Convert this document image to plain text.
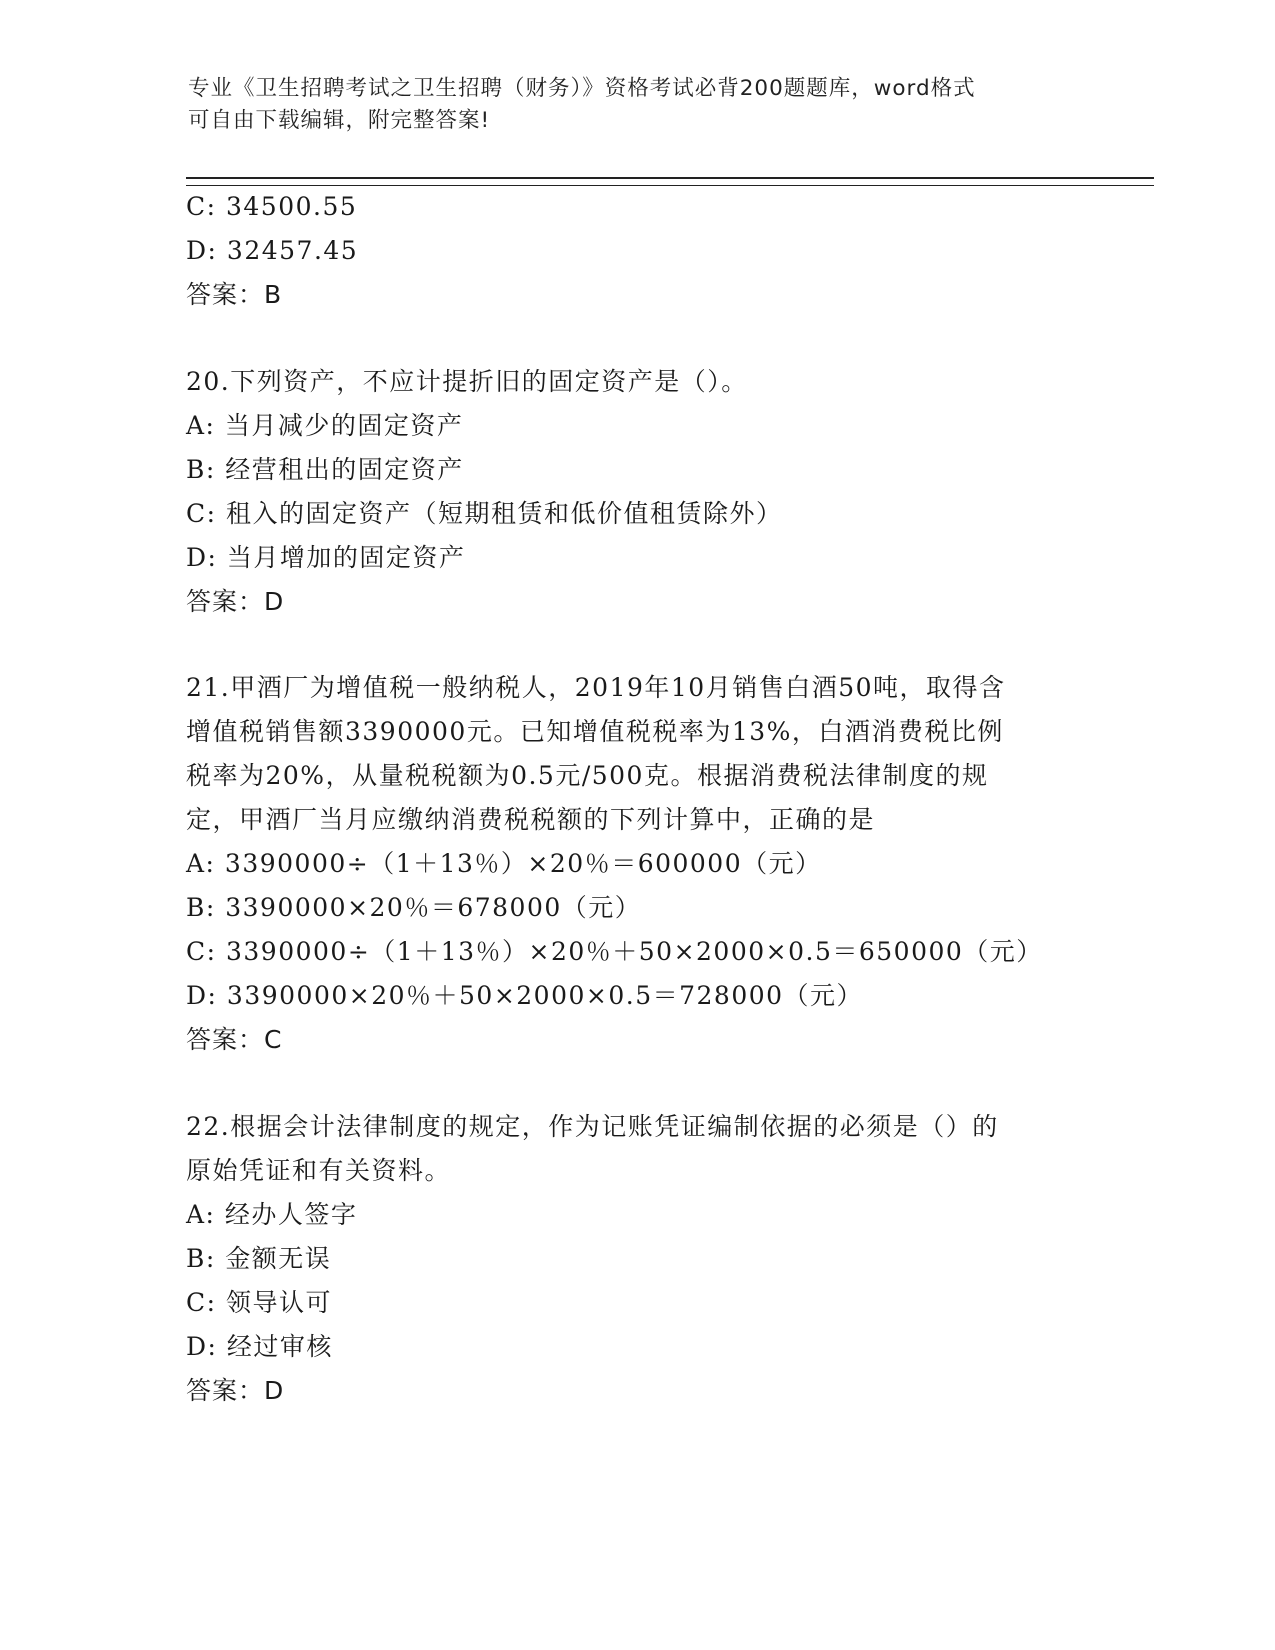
专业《卫生招聘考试之卫生招聘（财务）》资格考试必背200题题库，word格式
可自由下载编辑，附完整答案!
C: 34500.55
D: 32457.45
答案：B
20.下列资产，不应计提折旧的固定资产是（）。
A: 当月减少的固定资产
B: 经营租出的固定资产
C: 租入的固定资产（短期租赁和低价值租赁除外）
D: 当月增加的固定资产
答案：D
21.甲酒厂为增值税一般纳税人，2019年10月销售白酒50吨，取得含
增值税销售额3390000元。已知增值税税率为13%，白酒消费税比例
税率为20%，从量税税额为0.5元/500克。根据消费税法律制度的规
定，甲酒厂当月应缴纳消费税税额的下列计算中，正确的是
A: 3390000÷（1＋13％）×20％＝600000（元）
B: 3390000×20％＝678000（元）
C: 3390000÷（1＋13％）×20％＋50×2000×0.5＝650000（元）
D: 3390000×20％＋50×2000×0.5＝728000（元）
答案：C
22.根据会计法律制度的规定，作为记账凭证编制依据的必须是（）的
原始凭证和有关资料。
A: 经办人签字
B: 金额无误
C: 领导认可
D: 经过审核
答案：D
